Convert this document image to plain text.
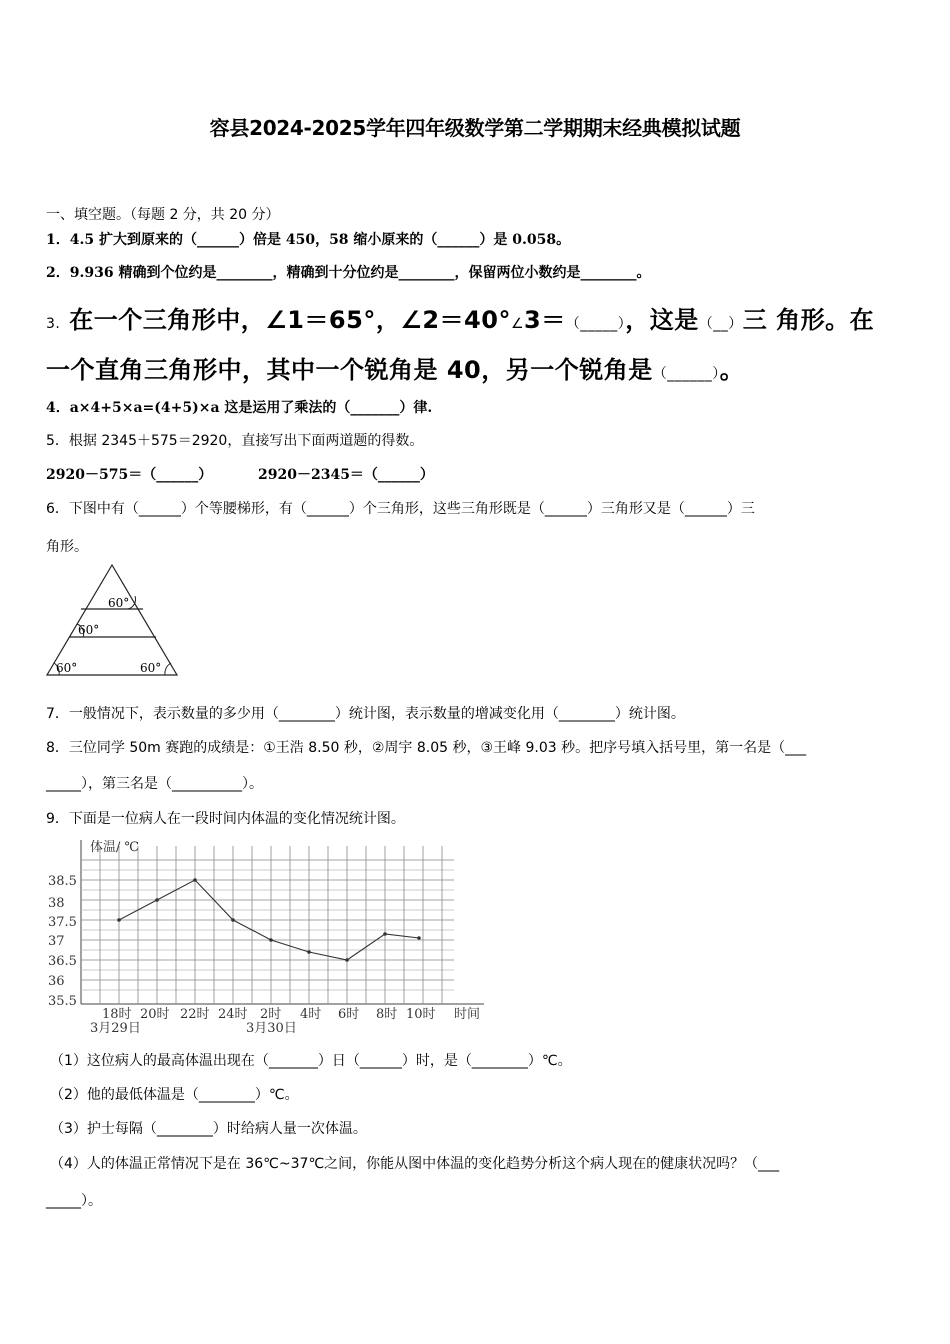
容县2024-2025学年四年级数学第二学期期末经典模拟试题
一、填空题。（每题 2 分，共 20 分）
1．4.5 扩大到原来的（______）倍是 450，58 缩小原来的（______）是 0.058。
2．9.936 精确到个位约是________，精确到十分位约是________，保留两位小数约是________。
3. 在一个三角形中，∠1＝65°，∠2＝40°∠3＝（_____），这是（__）三 角形。在
一个直角三角形中，其中一个锐角是 40，另一个锐角是（______）。
4．a×4+5×a=(4+5)×a 这是运用了乘法的（_______）律.
5．根据 2345＋575＝2920，直接写出下面两道题的得数。
2920－575＝（______）	2920－2345＝（______）
6．下图中有（______）个等腰梯形，有（______）个三角形，这些三角形既是（______）三角形又是（______）三
角形。
60°
60°
60°	60°
7．一般情况下，表示数量的多少用（________）统计图，表示数量的增减变化用（________）统计图。
8．三位同学 50m 赛跑的成绩是：①王浩 8.50 秒，②周宇 8.05 秒，③王峰 9.03 秒。把序号填入括号里，第一名是（___
_____），第三名是（__________）。
9．下面是一位病人在一段时间内体温的变化情况统计图。
体温/ ℃
38.5
38
37.5
37
36.5
36
35.5
18时 20时 22时 24时 2时 4时 6时 8时 10时 时间
3月29日	3月30日
（1）这位病人的最高体温出现在（_______）日（______）时，是（________）℃。
（2）他的最低体温是（________）℃。
（3）护士每隔（________）时给病人量一次体温。
（4）人的体温正常情况下是在 36℃~37℃之间，你能从图中体温的变化趋势分析这个病人现在的健康状况吗？（___
_____）。
